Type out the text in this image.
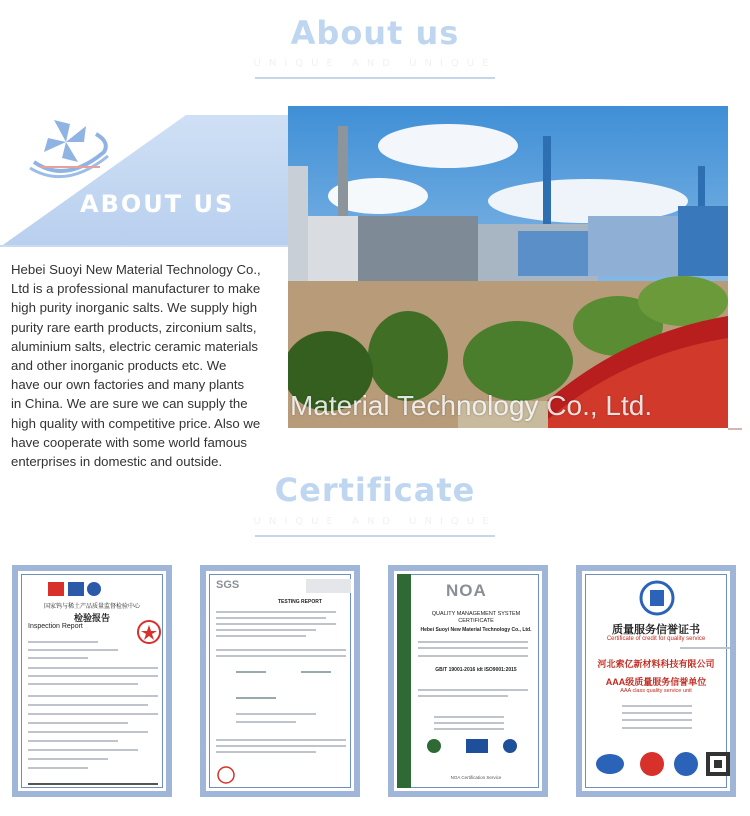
About us
UNIQUE AND UNIQUE
ABOUT US
Hebei Suoyi New Material Technology Co.,
Ltd is a professional manufacturer to make
high purity inorganic salts. We supply high
purity rare earth products, zirconium salts,
aluminium salts, electric ceramic materials
and other inorganic products etc. We
have our own factories and many plants
in China. We are sure we can supply the
high quality with competitive price. Also we
have cooperate with some world famous
enterprises in domestic and outside.
Material Technology Co., Ltd.
Certificate
UNIQUE AND UNIQUE
国家钨与稀土产品质量监督检验中心
检验报告
Inspection Report
SGS
TESTING REPORT
NOA
QUALITY MANAGEMENT SYSTEM
CERTIFICATE
Hebei Suoyi New Material Technology Co., Ltd.
GB/T 19001-2016 idt ISO9001:2015
NOA Certification Service
质量服务信誉证书
Certificate of credit for quality service
河北索亿新材料科技有限公司
AAA级质量服务信誉单位
AAA class quality service unit
